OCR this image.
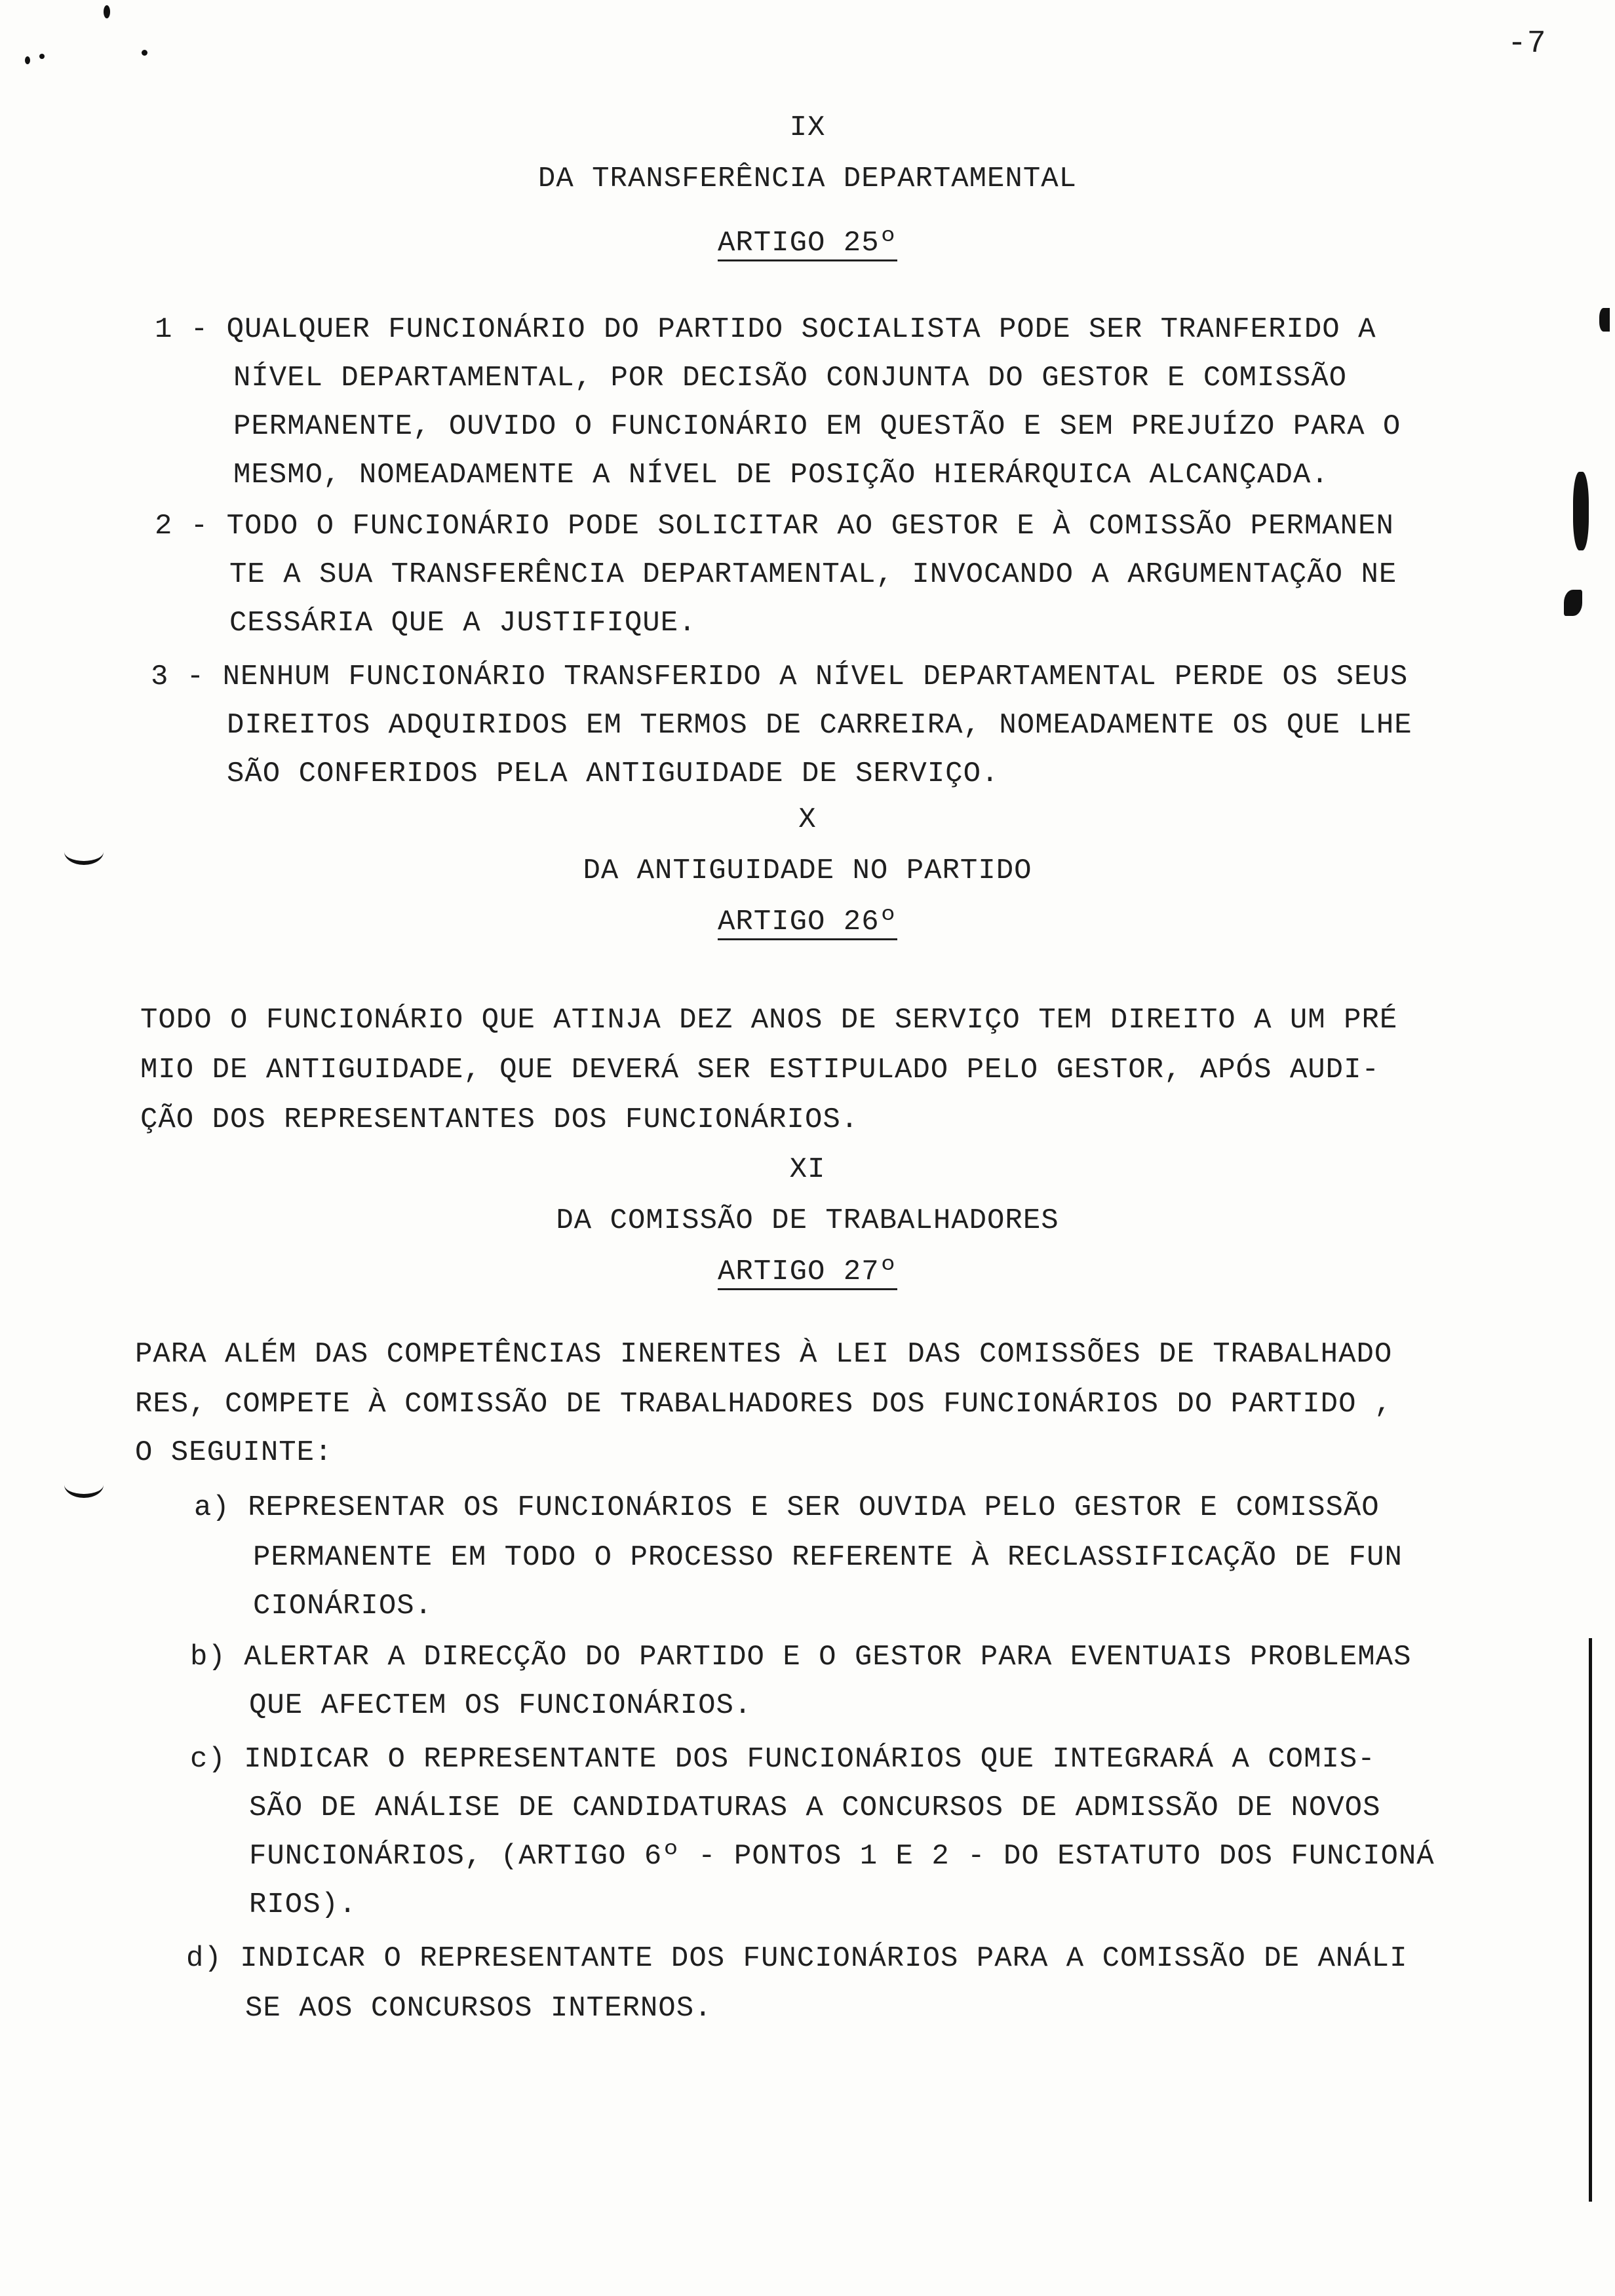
-7
IX
DA TRANSFERÊNCIA DEPARTAMENTAL
ARTIGO 25º
1 - QUALQUER FUNCIONÁRIO DO PARTIDO SOCIALISTA PODE SER TRANFERIDO A
NÍVEL DEPARTAMENTAL, POR DECISÃO CONJUNTA DO GESTOR E COMISSÃO
PERMANENTE, OUVIDO O FUNCIONÁRIO EM QUESTÃO E SEM PREJUÍZO PARA O
MESMO, NOMEADAMENTE A NÍVEL DE POSIÇÃO HIERÁRQUICA ALCANÇADA.
2 - TODO O FUNCIONÁRIO PODE SOLICITAR AO GESTOR E À COMISSÃO PERMANEN
TE A SUA TRANSFERÊNCIA DEPARTAMENTAL, INVOCANDO A ARGUMENTAÇÃO NE
CESSÁRIA QUE A JUSTIFIQUE.
3 - NENHUM FUNCIONÁRIO TRANSFERIDO A NÍVEL DEPARTAMENTAL PERDE OS SEUS
DIREITOS ADQUIRIDOS EM TERMOS DE CARREIRA, NOMEADAMENTE OS QUE LHE
SÃO CONFERIDOS PELA ANTIGUIDADE DE SERVIÇO.
X
DA ANTIGUIDADE NO PARTIDO
ARTIGO 26º
TODO O FUNCIONÁRIO QUE ATINJA DEZ ANOS DE SERVIÇO TEM DIREITO A UM PRÉ
MIO DE ANTIGUIDADE, QUE DEVERÁ SER ESTIPULADO PELO GESTOR, APÓS AUDI-
ÇÃO DOS REPRESENTANTES DOS FUNCIONÁRIOS.
XI
DA COMISSÃO DE TRABALHADORES
ARTIGO 27º
PARA ALÉM DAS COMPETÊNCIAS INERENTES À LEI DAS COMISSÕES DE TRABALHADO
RES, COMPETE À COMISSÃO DE TRABALHADORES DOS FUNCIONÁRIOS DO PARTIDO ,
O SEGUINTE:
a) REPRESENTAR OS FUNCIONÁRIOS E SER OUVIDA PELO GESTOR E COMISSÃO
PERMANENTE EM TODO O PROCESSO REFERENTE À RECLASSIFICAÇÃO DE FUN
CIONÁRIOS.
b) ALERTAR A DIRECÇÃO DO PARTIDO E O GESTOR PARA EVENTUAIS PROBLEMAS
QUE AFECTEM OS FUNCIONÁRIOS.
c) INDICAR O REPRESENTANTE DOS FUNCIONÁRIOS QUE INTEGRARÁ A COMIS-
SÃO DE ANÁLISE DE CANDIDATURAS A CONCURSOS DE ADMISSÃO DE NOVOS
FUNCIONÁRIOS, (ARTIGO 6º - PONTOS 1 E 2 - DO ESTATUTO DOS FUNCIONÁ
RIOS).
d) INDICAR O REPRESENTANTE DOS FUNCIONÁRIOS PARA A COMISSÃO DE ANÁLI
SE AOS CONCURSOS INTERNOS.
